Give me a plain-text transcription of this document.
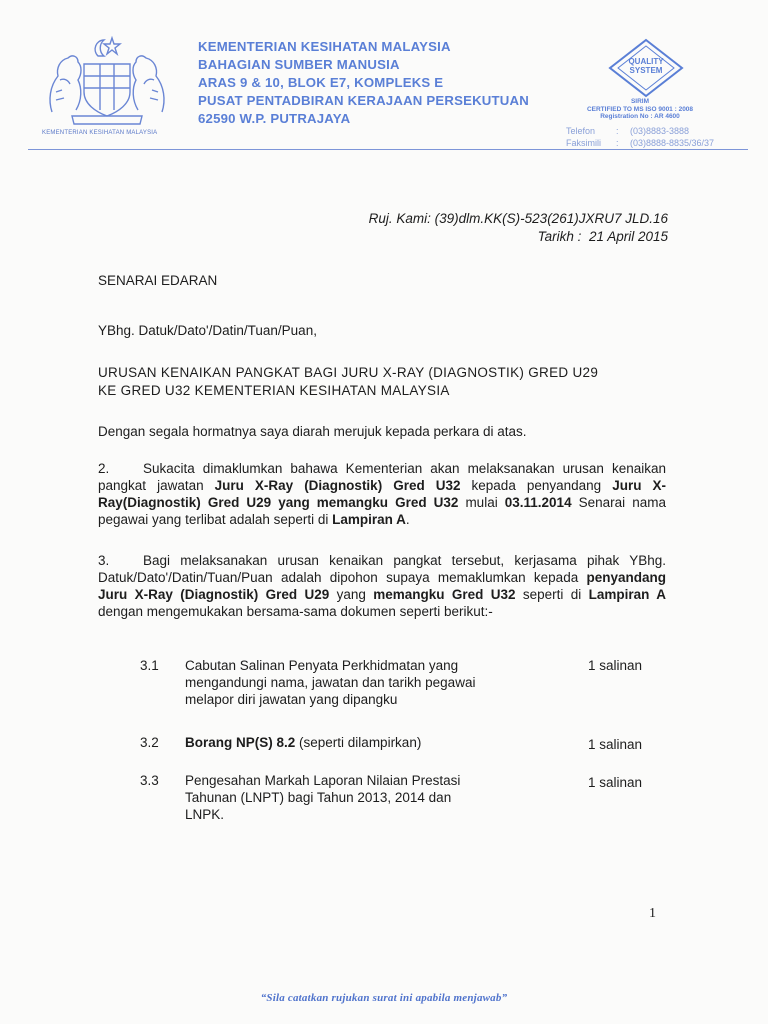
KEMENTERIAN KESIHATAN MALAYSIA
KEMENTERIAN KESIHATAN MALAYSIA
BAHAGIAN SUMBER MANUSIA
ARAS 9 & 10, BLOK E7, KOMPLEKS E
PUSAT PENTADBIRAN KERAJAAN PERSEKUTUAN
62590 W.P. PUTRAJAYA
QUALITY
SYSTEM
SIRIM
CERTIFIED TO MS ISO 9001 : 2008
Registration No : AR 4600
Telefon : (03)8883-3888
Faksimili : (03)8888-8835/36/37
Ruj. Kami: (39)dlm.KK(S)-523(261)JXRU7 JLD.16
Tarikh : 21 April 2015
SENARAI EDARAN
YBhg. Datuk/Dato'/Datin/Tuan/Puan,
URUSAN KENAIKAN PANGKAT BAGI JURU X-RAY (DIAGNOSTIK) GRED U29
KE GRED U32 KEMENTERIAN KESIHATAN MALAYSIA
Dengan segala hormatnya saya diarah merujuk kepada perkara di atas.
2. Sukacita dimaklumkan bahawa Kementerian akan melaksanakan urusan kenaikan pangkat jawatan Juru X-Ray (Diagnostik) Gred U32 kepada penyandang Juru X-Ray(Diagnostik) Gred U29 yang memangku Gred U32 mulai 03.11.2014 Senarai nama pegawai yang terlibat adalah seperti di Lampiran A.
3. Bagi melaksanakan urusan kenaikan pangkat tersebut, kerjasama pihak YBhg. Datuk/Dato'/Datin/Tuan/Puan adalah dipohon supaya memaklumkan kepada penyandang Juru X-Ray (Diagnostik) Gred U29 yang memangku Gred U32 seperti di Lampiran A dengan mengemukakan bersama-sama dokumen seperti berikut:-
3.1 Cabutan Salinan Penyata Perkhidmatan yang
mengandungi nama, jawatan dan tarikh pegawai
melapor diri jawatan yang dipangku
1 salinan
3.2 Borang NP(S) 8.2 (seperti dilampirkan)	1 salinan
3.3 Pengesahan Markah Laporan Nilaian Prestasi
Tahunan (LNPT) bagi Tahun 2013, 2014 dan
LNPK.
1 salinan
1
“Sila catatkan rujukan surat ini apabila menjawab”
